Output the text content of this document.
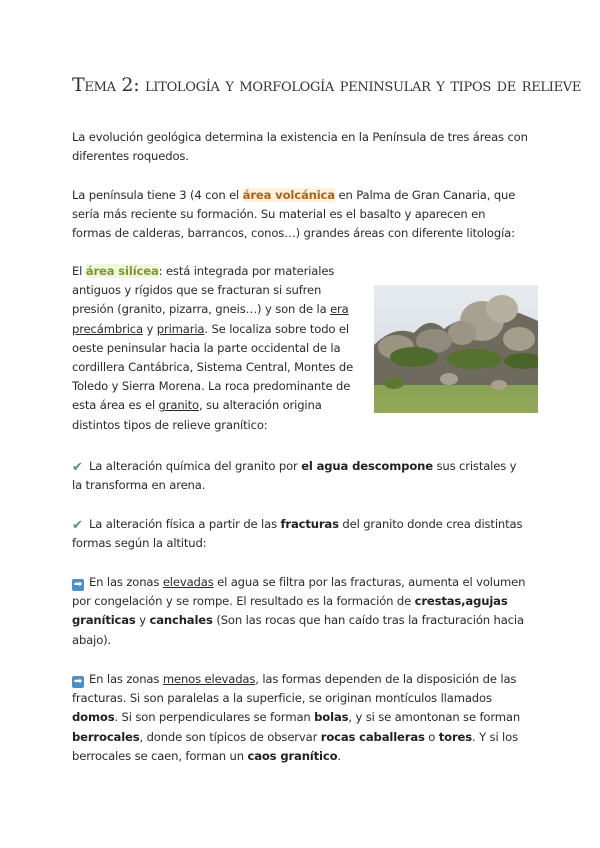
Tema 2: litología y morfología peninsular y tipos de relieve

La evolución geológica determina la existencia en la Península de tres áreas con diferentes roquedos.

La península tiene 3 (4 con el área volcánica en Palma de Gran Canaria, que sería más reciente su formación. Su material es el basalto y aparecen en formas de calderas, barrancos, conos…) grandes áreas con diferente litología:

El área silícea: está integrada por materiales antiguos y rígidos que se fracturan si sufren presión (granito, pizarra, gneis…) y son de la era precámbrica y primaria. Se localiza sobre todo el oeste peninsular hacia la parte occidental de la cordillera Cantábrica, Sistema Central, Montes de Toledo y Sierra Morena. La roca predominante de esta área es el granito, su alteración origina distintos tipos de relieve granítico:

✔ La alteración química del granito por el agua descompone sus cristales y la transforma en arena.

✔ La alteración física a partir de las fracturas del granito donde crea distintas formas según la altitud:

➡ En las zonas elevadas el agua se filtra por las fracturas, aumenta el volumen por congelación y se rompe. El resultado es la formación de crestas,agujas graníticas y canchales (Son las rocas que han caído tras la fracturación hacia abajo).

➡ En las zonas menos elevadas, las formas dependen de la disposición de las fracturas. Si son paralelas a la superficie, se originan montículos llamados domos. Si son perpendiculares se forman bolas, y si se amontonan se forman berrocales, donde son típicos de observar rocas caballeras o tores. Y si los berrocales se caen, forman un caos granítico.
